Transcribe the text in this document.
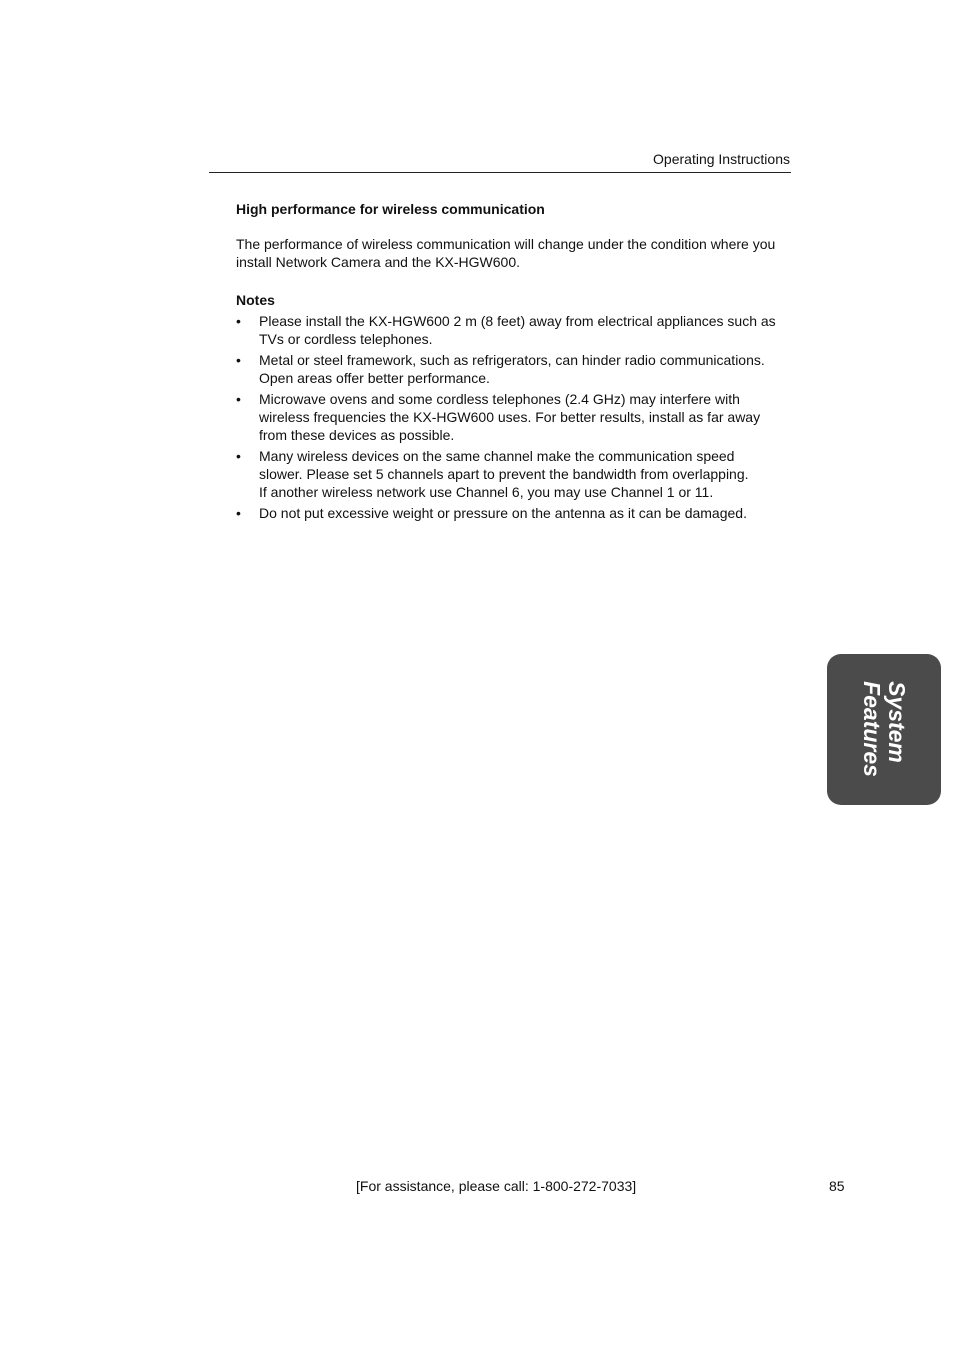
Operating Instructions

High performance for wireless communication

The performance of wireless communication will change under the condition where you
install Network Camera and the KX-HGW600.

Notes

• Please install the KX-HGW600 2 m (8 feet) away from electrical appliances such as
TVs or cordless telephones.
• Metal or steel framework, such as refrigerators, can hinder radio communications.
Open areas offer better performance.
• Microwave ovens and some cordless telephones (2.4 GHz) may interfere with
wireless frequencies the KX-HGW600 uses. For better results, install as far away
from these devices as possible.
• Many wireless devices on the same channel make the communication speed
slower. Please set 5 channels apart to prevent the bandwidth from overlapping.
If another wireless network use Channel 6, you may use Channel 1 or 11.
• Do not put excessive weight or pressure on the antenna as it can be damaged.
System
Features
[For assistance, please call: 1-800-272-7033]	85
